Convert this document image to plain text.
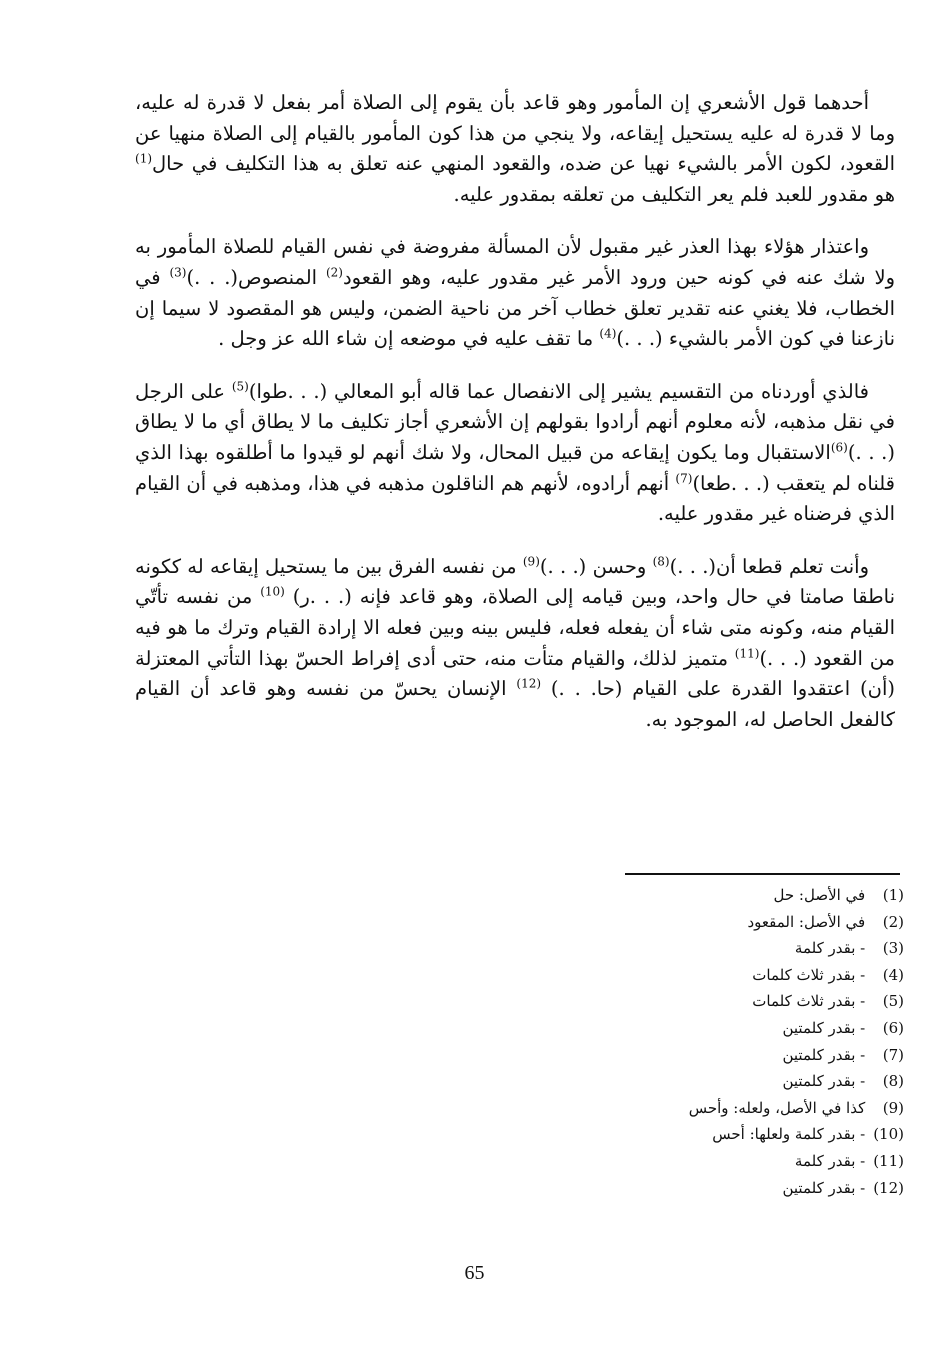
أحدهما قول الأشعري إن المأمور وهو قاعد بأن يقوم إلى الصلاة أمر بفعل لا قدرة له عليه، وما لا قدرة له عليه يستحيل إيقاعه، ولا ينجي من هذا كون المأمور بالقيام إلى الصلاة منهيا عن القعود، لكون الأمر بالشيء نهيا عن ضده، والقعود المنهي عنه تعلق به هذا التكليف في حال$^{(1)}$ هو مقدور للعبد فلم يعر التكليف من تعلقه بمقدور عليه.

واعتذار هؤلاء بهذا العذر غير مقبول لأن المسألة مفروضة في نفس القيام للصلاة المأمور به ولا شك عنه في كونه حين ورود الأمر غير مقدور عليه، وهو القعود$^{(2)}$ المنصوص(. . .)$^{(3)}$ في الخطاب، فلا يغني عنه تقدير تعلق خطاب آخر من ناحية الضمن، وليس هو المقصود لا سيما إن نازعنا في كون الأمر بالشيء (. . .)$^{(4)}$ ما تقف عليه في موضعه إن شاء الله عز وجل .

فالذي أوردناه من التقسيم يشير إلى الانفصال عما قاله أبو المعالي (. . .طوا)$^{(5)}$ على الرجل في نقل مذهبه، لأنه معلوم أنهم أرادوا بقولهم إن الأشعري أجاز تكليف ما لا يطاق أي ما لا يطاق (. . .)$^{(6)}$الاستقبال وما يكون إيقاعه من قبيل المحال، ولا شك أنهم لو قيدوا ما أطلقوه بهذا الذي قلناه لم يتعقب (. . .طعا)$^{(7)}$ أنهم أرادوه، لأنهم هم الناقلون مذهبه في هذا، ومذهبه في أن القيام الذي فرضناه غير مقدور عليه.

وأنت تعلم قطعا أن(. . .)$^{(8)}$ وحسن (. . .)$^{(9)}$ من نفسه الفرق بين ما يستحيل إيقاعه له ككونه ناطقا صامتا في حال واحد، وبين قيامه إلى الصلاة، وهو قاعد فإنه (. . .ر) $^{(10)}$ من نفسه تأتّي القيام منه، وكونه متى شاء أن يفعله فعله، فليس بينه وبين فعله الا إرادة القيام وترك ما هو فيه من القعود (. . .)$^{(11)}$ متميز لذلك، والقيام متأت منه، حتى أدى إفراط الحسّ بهذا التأتي المعتزلة (أن) اعتقدوا القدرة على القيام (حا. . .) $^{(12)}$ الإنسان يحسّ من نفسه وهو قاعد أن القيام كالفعل الحاصل له، الموجود به.

(1) في الأصل: حل
(2) في الأصل: المقعود
(3) - بقدر كلمة
(4) - بقدر ثلاث كلمات
(5) - بقدر ثلاث كلمات
(6) - بقدر كلمتين
(7) - بقدر كلمتين
(8) - بقدر كلمتين
(9) كذا في الأصل، ولعله: وأحس
(10) - بقدر كلمة ولعلها: أحس
(11) - بقدر كلمة
(12) - بقدر كلمتين
65
